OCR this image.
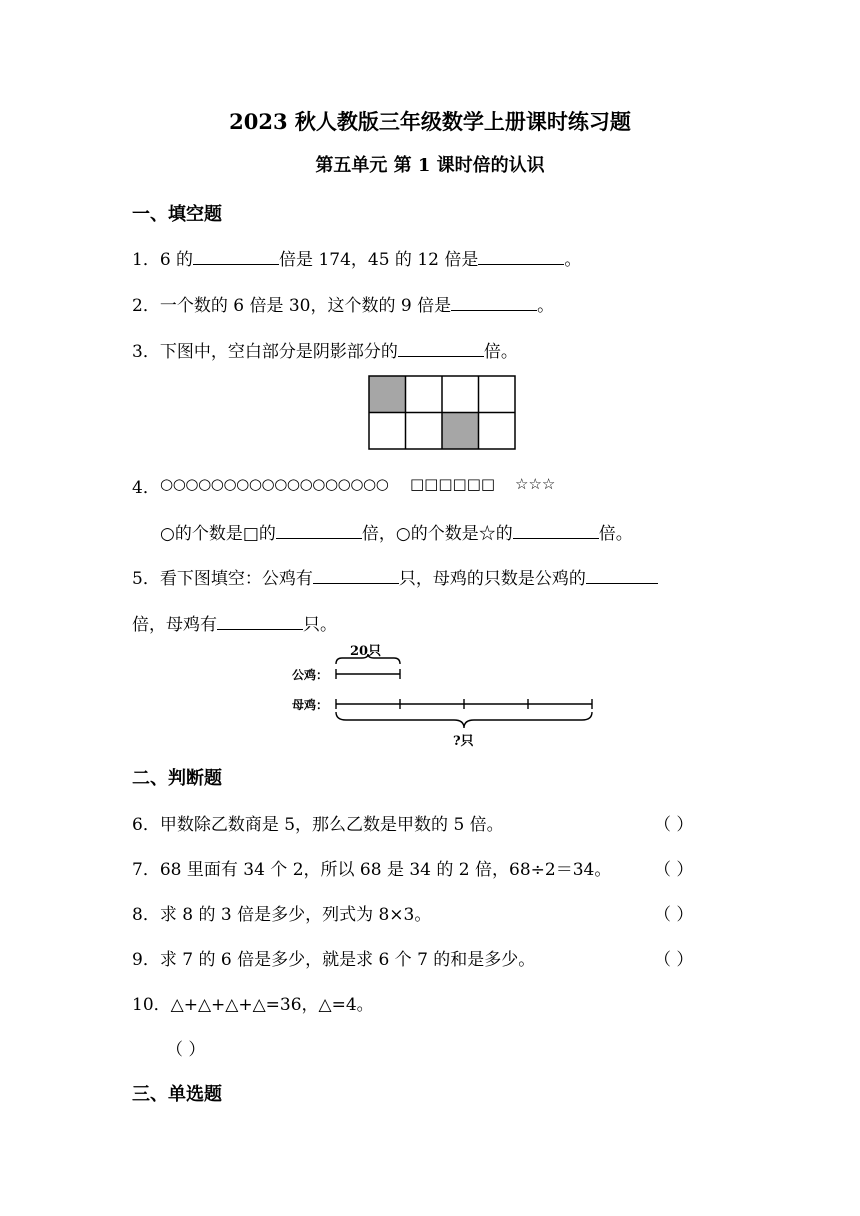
2023 秋人教版三年级数学上册课时练习题
第五单元 第 1 课时倍的认识
一、填空题
1．6 的	倍是 174，45 的 12 倍是	。
2．一个数的 6 倍是 30，这个数的 9 倍是	。
3．下图中，空白部分是阴影部分的	倍。
4． ○○○○○○○○○○○○○○○○○○ □□□□□□ ☆☆☆
○的个数是□的	倍，○的个数是☆的	倍。
5．看下图填空：公鸡有	只，母鸡的只数是公鸡的
倍，母鸡有	只。
20只
公鸡：
母鸡：
?只
二、判断题
6．甲数除乙数商是 5，那么乙数是甲数的 5 倍。	（ ）
7．68 里面有 34 个 2，所以 68 是 34 的 2 倍，68÷2＝34。	（ ）
8．求 8 的 3 倍是多少，列式为 8×3。	（ ）
9．求 7 的 6 倍是多少，就是求 6 个 7 的和是多少。	（ ）
10．△+△+△+△=36，△=4。
（ ）
三、单选题
